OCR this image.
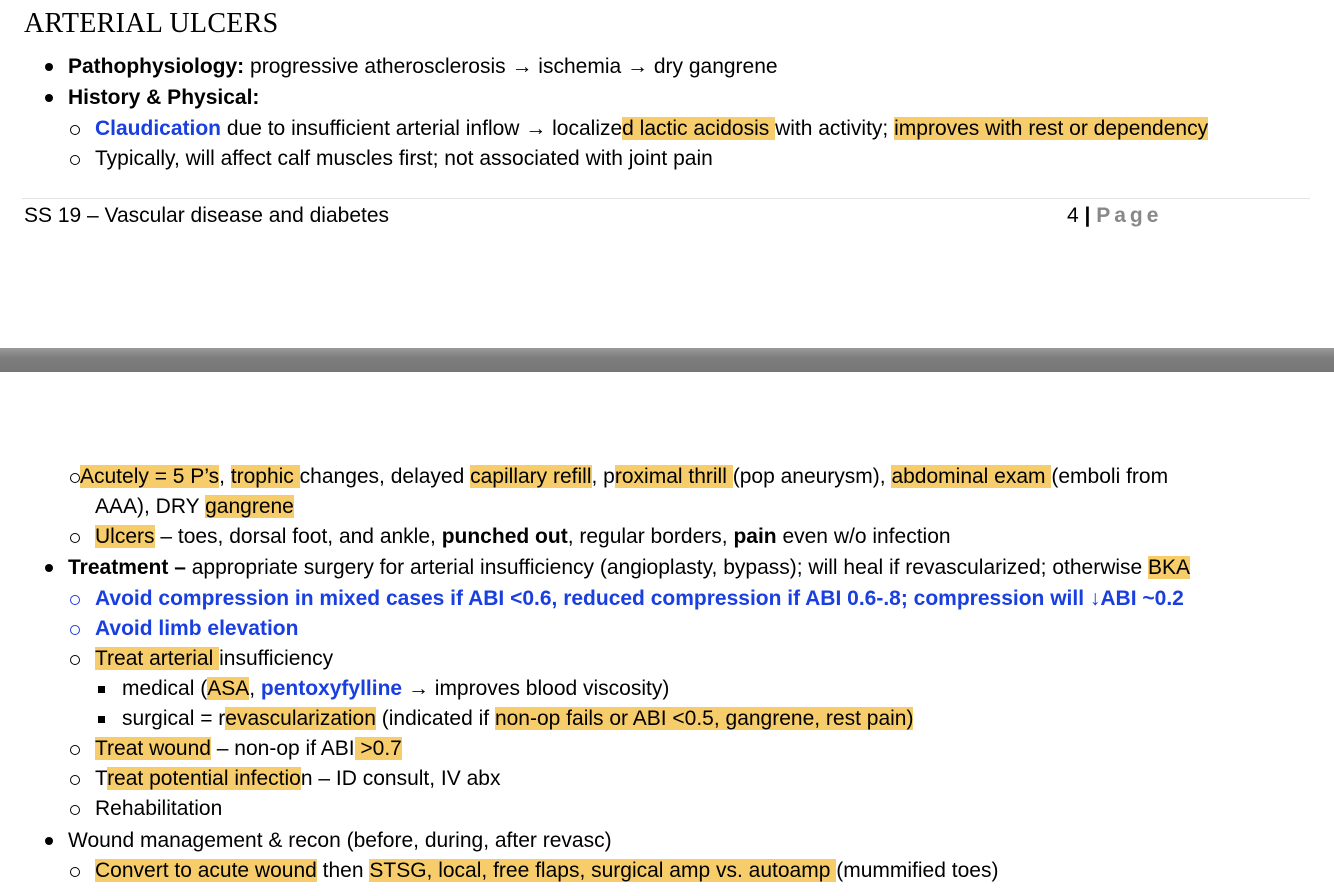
ARTERIAL ULCERS
Pathophysiology: progressive atherosclerosis → ischemia → dry gangrene
History & Physical:
Claudication due to insufficient arterial inflow → localized lactic acidosis with activity; improves with rest or dependency
Typically, will affect calf muscles first; not associated with joint pain
SS 19 – Vascular disease and diabetes	4 | Page
Acutely = 5 P’s, trophic changes, delayed capillary refill, proximal thrill (pop aneurysm), abdominal exam (emboli from
AAA), DRY gangrene
Ulcers – toes, dorsal foot, and ankle, punched out, regular borders, pain even w/o infection
Treatment – appropriate surgery for arterial insufficiency (angioplasty, bypass); will heal if revascularized; otherwise BKA
Avoid compression in mixed cases if ABI <0.6, reduced compression if ABI 0.6-.8; compression will ↓ABI ~0.2
Avoid limb elevation
Treat arterial insufficiency
medical (ASA, pentoxyfylline → improves blood viscosity)
surgical = revascularization (indicated if non-op fails or ABI <0.5, gangrene, rest pain)
Treat wound – non-op if ABI >0.7
Treat potential infection – ID consult, IV abx
Rehabilitation
Wound management & recon (before, during, after revasc)
Convert to acute wound then STSG, local, free flaps, surgical amp vs. autoamp (mummified toes)
